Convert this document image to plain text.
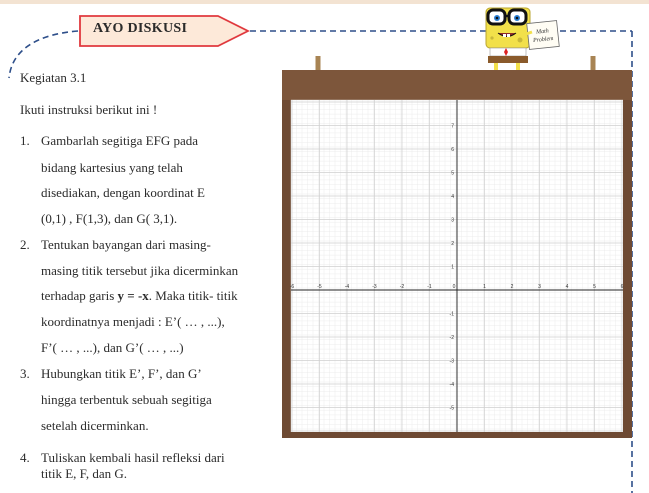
AYO DISKUSI
Kegiatan 3.1
Ikuti instruksi berikut ini !
1. Gambarlah segitiga EFG pada
bidang kartesius yang telah
disediakan, dengan koordinat E
(0,1) , F(1,3), dan G( 3,1).
2. Tentukan bayangan dari masing-
masing titik tersebut jika dicerminkan
terhadap garis y = -x. Maka titik- titik
koordinatnya menjadi : E’( … , ...),
F’( … , ...), dan G’( … , ...)
3. Hubungkan titik E’, F’, dan G’
hingga terbentuk sebuah segitiga
setelah dicerminkan.
4. Tuliskan kembali hasil refleksi dari
titik E, F, dan G.
Math
Problem
-6	-5	-4	-3	-2	-1	0	1	2	3	4	5	6
7
6
5
4
3
2
1
-1
-2
-3
-4
-5
